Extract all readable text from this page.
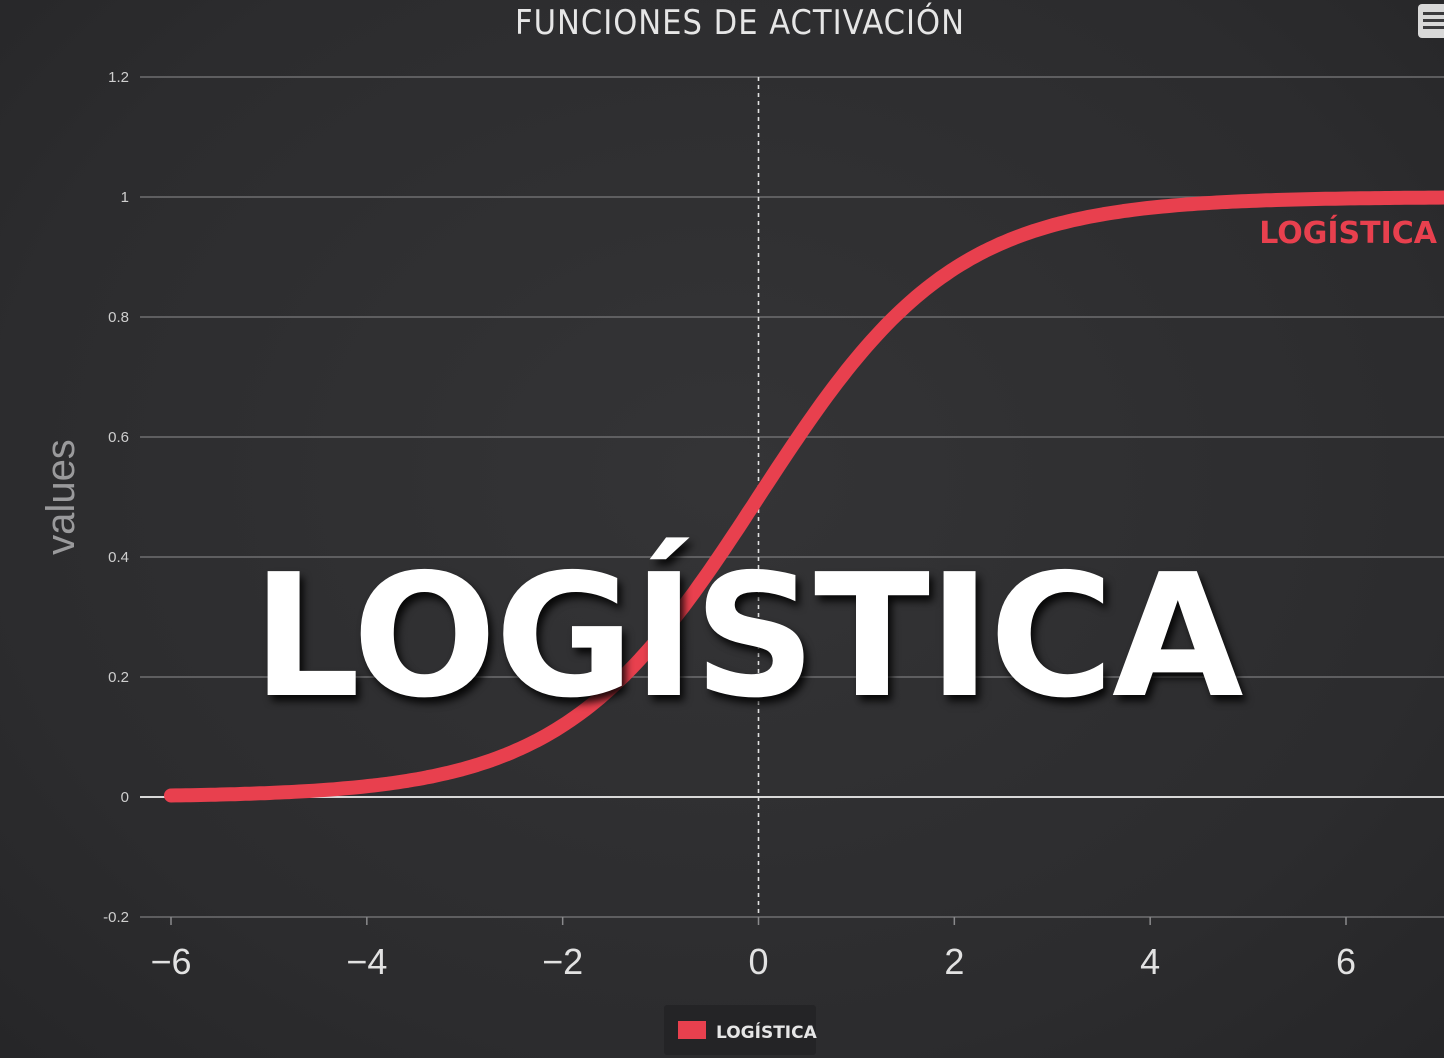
FUNCIONES DE ACTIVACIÓN
1.2
1
0.8
0.6
0.4
0.2
0
-0.2
−6	−4	−2	0	2	4	6
values
LOGÍSTICA
LOGÍSTICA
LOGÍSTICA
